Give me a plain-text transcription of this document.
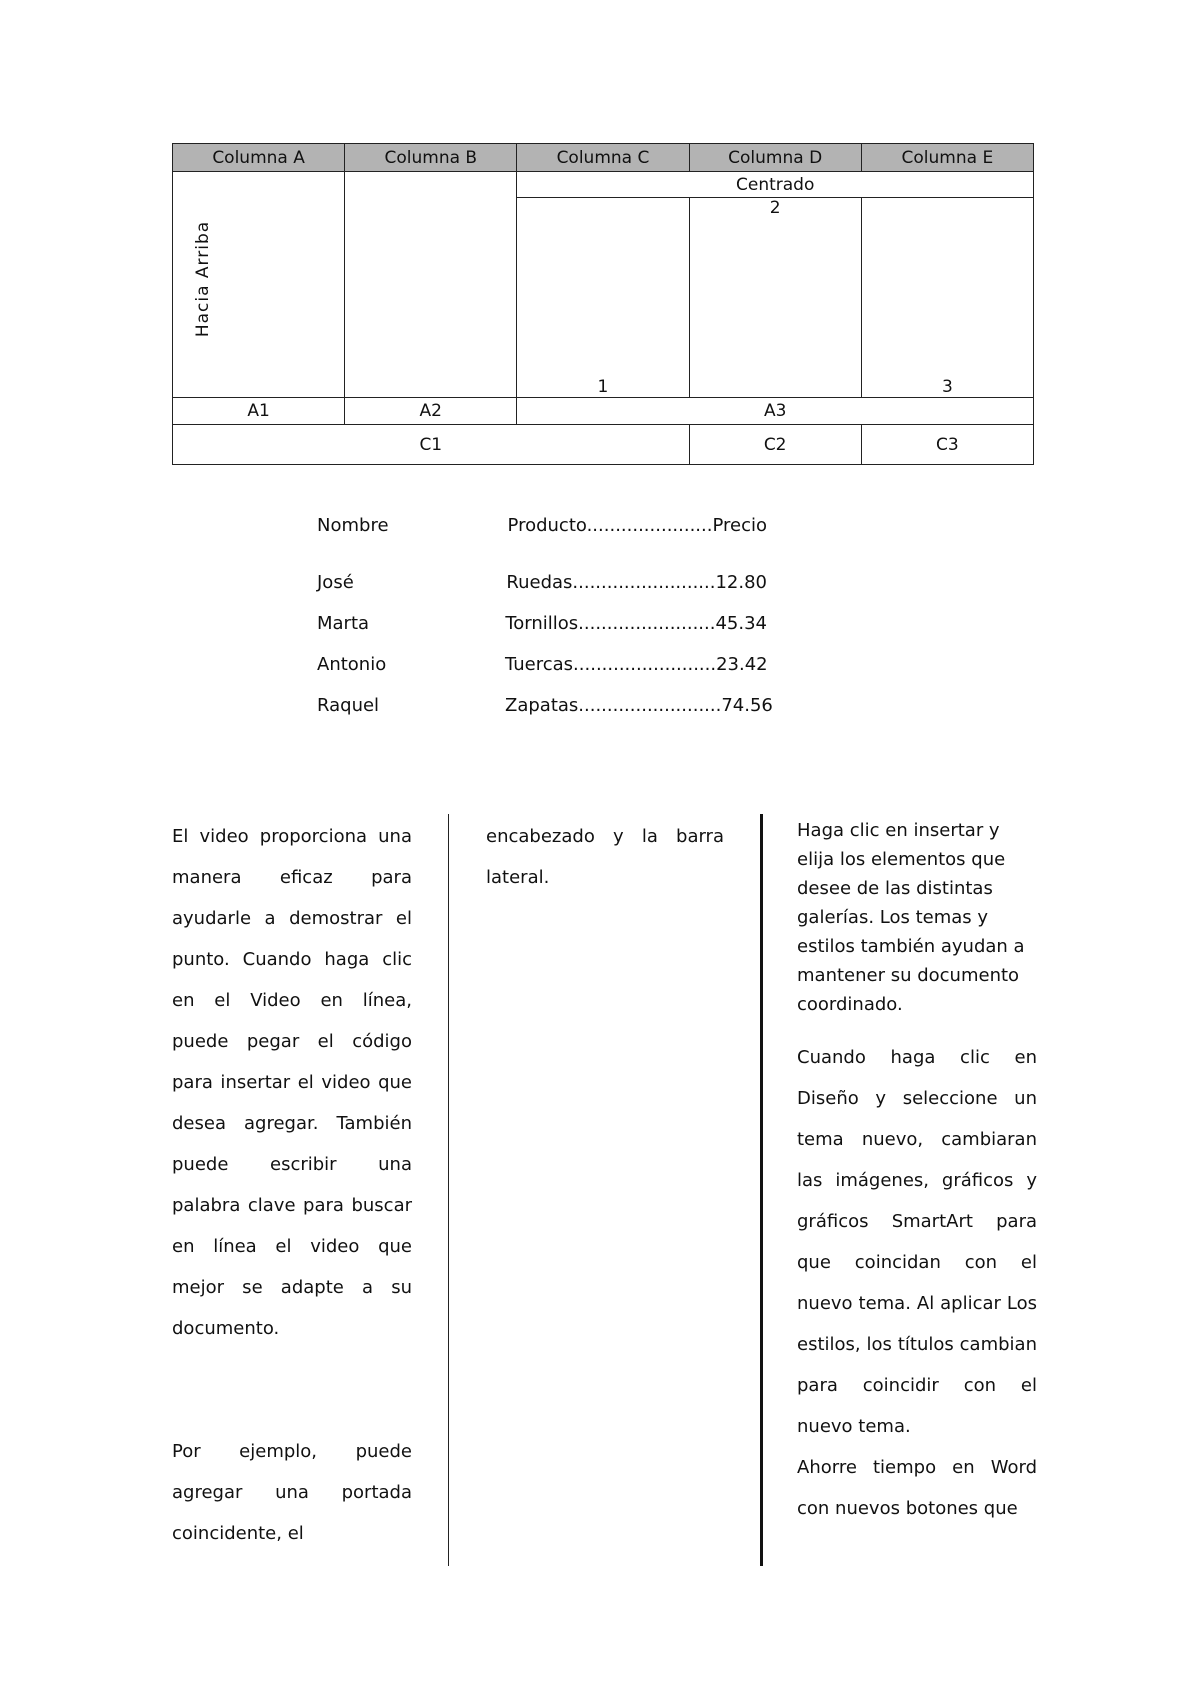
Columna A	Columna B	Columna C	Columna D	Columna E

Hacia Arriba		Centrado		
		1	2	3
A1	A2	A3		
C1			C2	C3
Nombre	Producto......................Precio
José	Ruedas.........................12.80
Marta	Tornillos........................45.34
Antonio	Tuercas.........................23.42
Raquel	Zapatas.........................74.56

El video proporciona una manera eficaz para ayudarle a demostrar el punto. Cuando haga clic en el Video en línea, puede pegar el código para insertar el video que desea agregar. También puede escribir una palabra clave para buscar en línea el video que mejor se adapte a su documento.

Por ejemplo, puede agregar una portada coincidente, el

encabezado y la barra lateral.

Haga clic en insertar y elija los elementos que desee de las distintas galerías. Los temas y estilos también ayudan a mantener su documento coordinado.

Cuando haga clic en Diseño y seleccione un tema nuevo, cambiaran las imágenes, gráficos y gráficos SmartArt para que coincidan con el nuevo tema. Al aplicar Los estilos, los títulos cambian para coincidir con el nuevo tema.

Ahorre tiempo en Word con nuevos botones que
